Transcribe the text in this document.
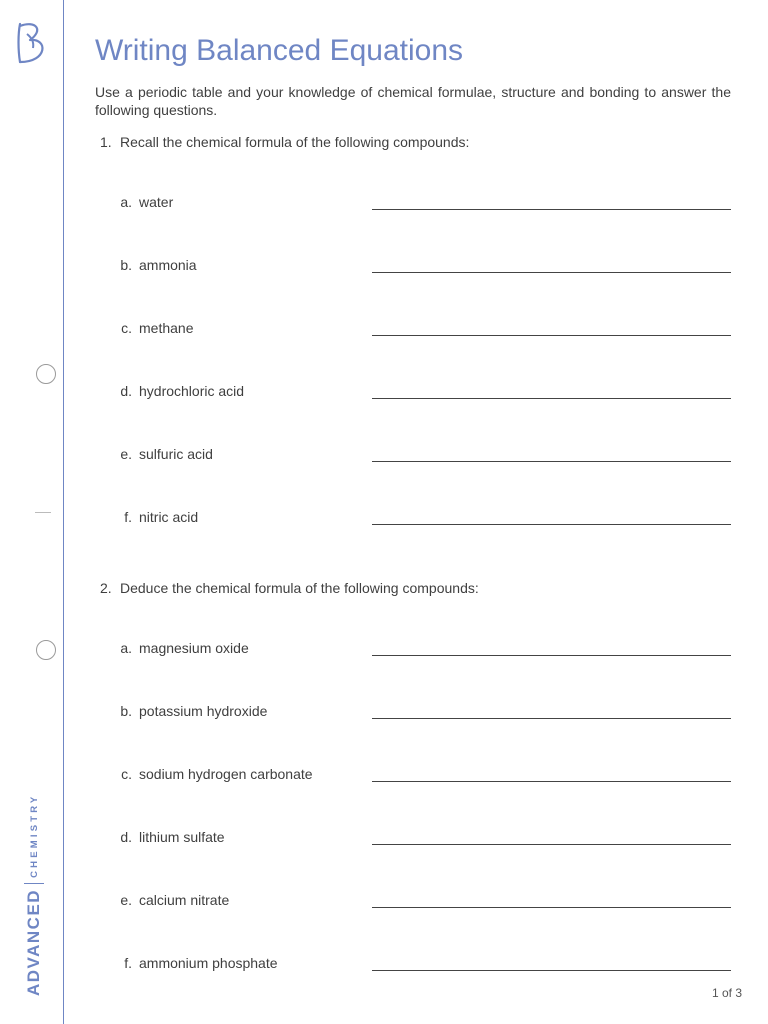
ADVANCED
CHEMISTRY
Writing Balanced Equations

Use a periodic table and your knowledge of chemical formulae, structure and bonding to answer the following questions.

1. Recall the chemical formula of the following compounds:
a. water
b. ammonia
c. methane
d. hydrochloric acid
e. sulfuric acid
f. nitric acid
2. Deduce the chemical formula of the following compounds:
a. magnesium oxide
b. potassium hydroxide
c. sodium hydrogen carbonate
d. lithium sulfate
e. calcium nitrate
f. ammonium phosphate
1 of 3
